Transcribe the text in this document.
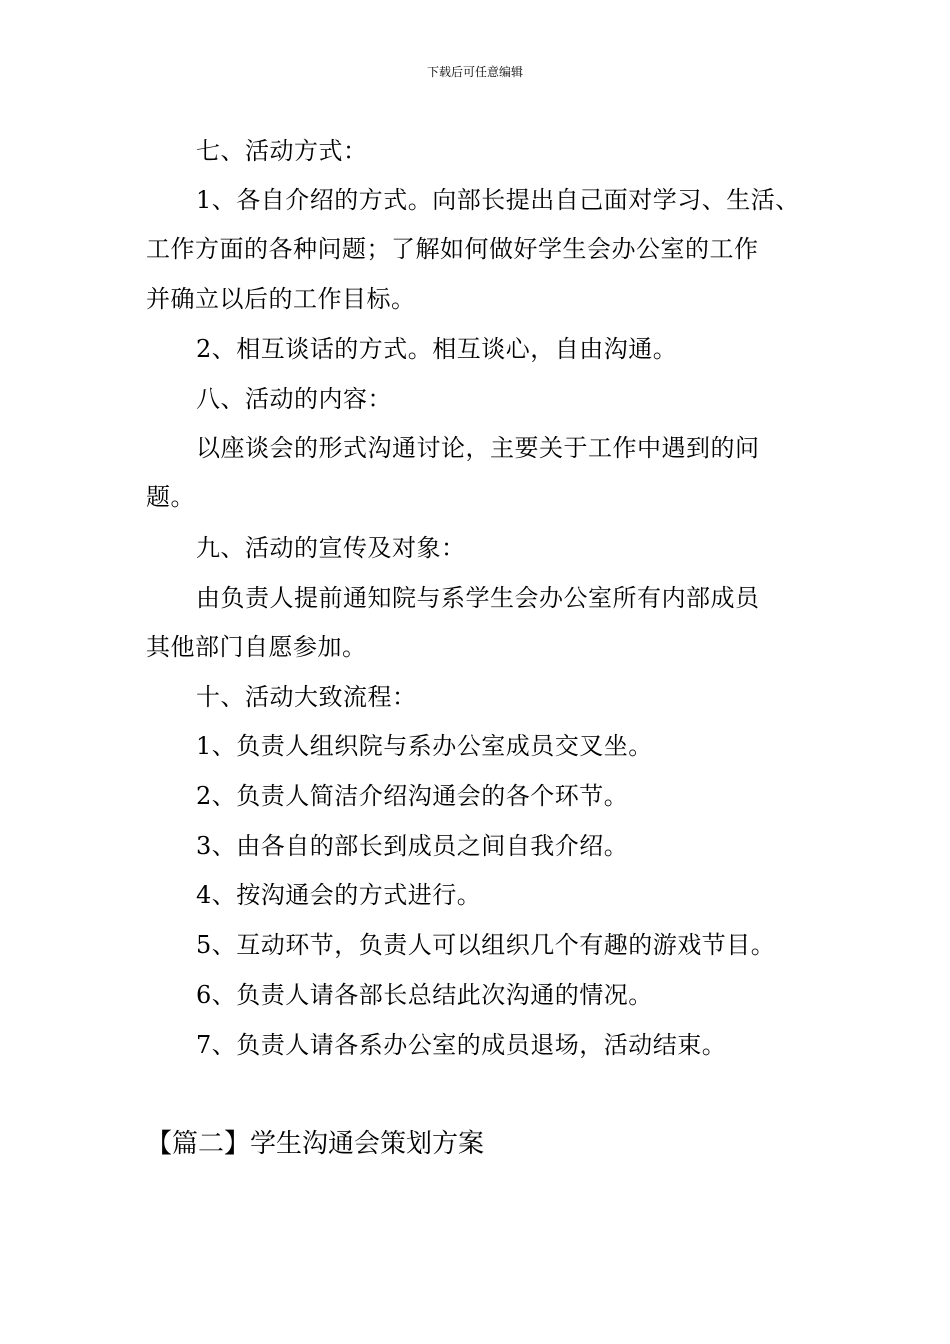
下载后可任意编辑
七、活动方式：
1、各自介绍的方式。向部长提出自己面对学习、生活、
工作方面的各种问题；了解如何做好学生会办公室的工作
并确立以后的工作目标。
2、相互谈话的方式。相互谈心，自由沟通。
八、活动的内容：
以座谈会的形式沟通讨论，主要关于工作中遇到的问
题。
九、活动的宣传及对象：
由负责人提前通知院与系学生会办公室所有内部成员
其他部门自愿参加。
十、活动大致流程：
1、负责人组织院与系办公室成员交叉坐。
2、负责人简洁介绍沟通会的各个环节。
3、由各自的部长到成员之间自我介绍。
4、按沟通会的方式进行。
5、互动环节，负责人可以组织几个有趣的游戏节目。
6、负责人请各部长总结此次沟通的情况。
7、负责人请各系办公室的成员退场，活动结束。
【篇二】学生沟通会策划方案
